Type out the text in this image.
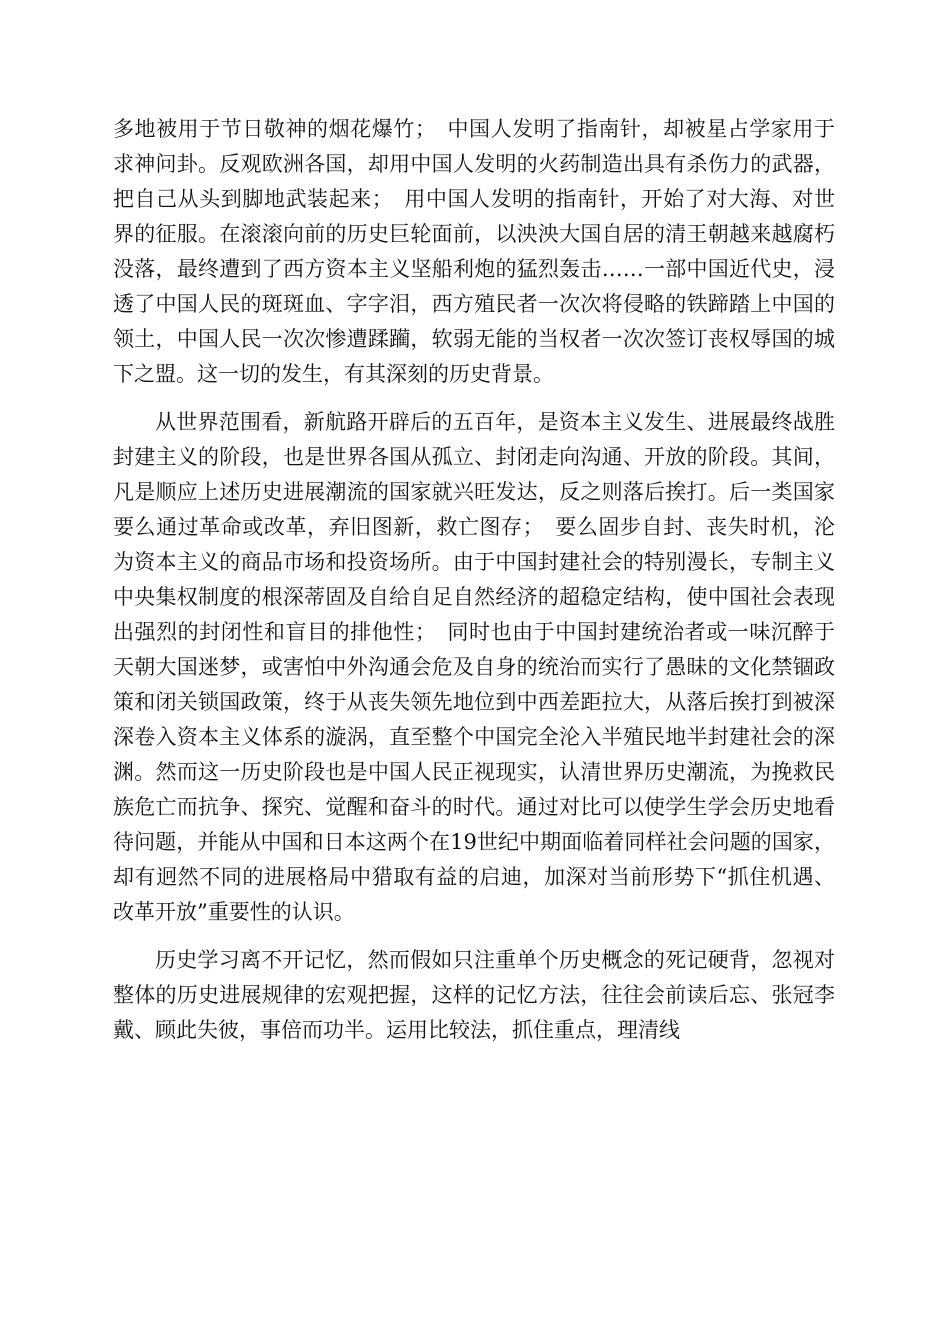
多地被用于节日敬神的烟花爆竹；　中国人发明了指南针，却被星占学家用于求神问卦。反观欧洲各国，却用中国人发明的火药制造出具有杀伤力的武器，把自己从头到脚地武装起来；　用中国人发明的指南针，开始了对大海、对世界的征服。在滚滚向前的历史巨轮面前，以泱泱大国自居的清王朝越来越腐朽没落，最终遭到了西方资本主义坚船利炮的猛烈轰击……一部中国近代史，浸透了中国人民的斑斑血、字字泪，西方殖民者一次次将侵略的铁蹄踏上中国的领土，中国人民一次次惨遭蹂躏，软弱无能的当权者一次次签订丧权辱国的城下之盟。这一切的发生，有其深刻的历史背景。

从世界范围看，新航路开辟后的五百年，是资本主义发生、进展最终战胜封建主义的阶段，也是世界各国从孤立、封闭走向沟通、开放的阶段。其间，凡是顺应上述历史进展潮流的国家就兴旺发达，反之则落后挨打。后一类国家要么通过革命或改革，弃旧图新，救亡图存；　要么固步自封、丧失时机，沦为资本主义的商品市场和投资场所。由于中国封建社会的特别漫长，专制主义中央集权制度的根深蒂固及自给自足自然经济的超稳定结构，使中国社会表现出强烈的封闭性和盲目的排他性；　同时也由于中国封建统治者或一味沉醉于天朝大国迷梦，或害怕中外沟通会危及自身的统治而实行了愚昧的文化禁锢政策和闭关锁国政策，终于从丧失领先地位到中西差距拉大，从落后挨打到被深深卷入资本主义体系的漩涡，直至整个中国完全沦入半殖民地半封建社会的深渊。然而这一历史阶段也是中国人民正视现实，认清世界历史潮流，为挽救民族危亡而抗争、探究、觉醒和奋斗的时代。通过对比可以使学生学会历史地看待问题，并能从中国和日本这两个在19世纪中期面临着同样社会问题的国家，却有迥然不同的进展格局中猎取有益的启迪，加深对当前形势下“抓住机遇、改革开放”重要性的认识。

历史学习离不开记忆，然而假如只注重单个历史概念的死记硬背，忽视对整体的历史进展规律的宏观把握，这样的记忆方法，往往会前读后忘、张冠李戴、顾此失彼，事倍而功半。运用比较法，抓住重点，理清线
